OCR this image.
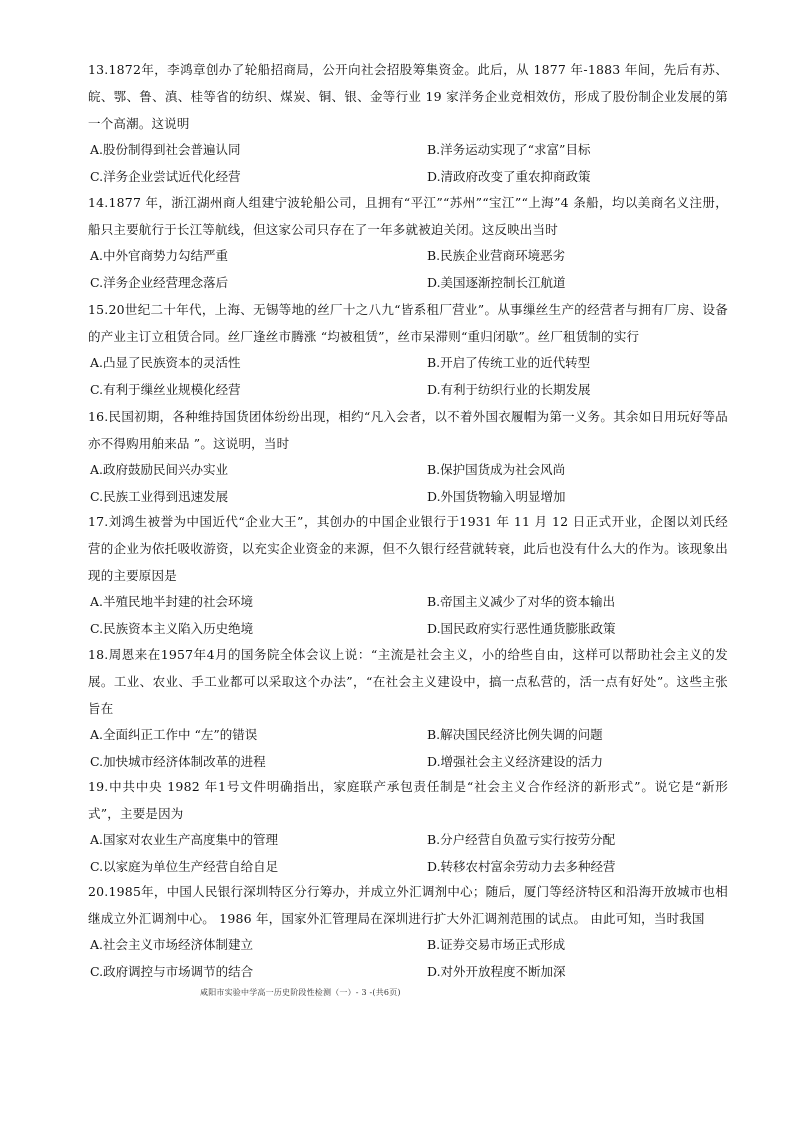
13.1872年，李鸿章创办了轮船招商局，公开向社会招股筹集资金。此后，从 1877 年-1883 年间，先后有苏、皖、鄂、鲁、滇、桂等省的纺织、煤炭、铜、银、金等行业 19 家洋务企业竞相效仿，形成了股份制企业发展的第一个高潮。这说明

A.股份制得到社会普遍认同	B.洋务运动实现了“求富”目标
C.洋务企业尝试近代化经营	D.清政府改变了重农抑商政策

14.1877 年，浙江湖州商人组建宁波轮船公司，且拥有“平江”“苏州”“宝江”“上海”4 条船，均以美商名义注册，船只主要航行于长江等航线，但这家公司只存在了一年多就被迫关闭。这反映出当时

A.中外官商势力勾结严重	B.民族企业营商环境恶劣
C.洋务企业经营理念落后	D.美国逐渐控制长江航道

15.20世纪二十年代，上海、无锡等地的丝厂十之八九“皆系租厂营业”。从事缫丝生产的经营者与拥有厂房、设备的产业主订立租赁合同。丝厂逢丝市腾涨 “均被租赁”，丝市呆滞则“重归闭歇”。丝厂租赁制的实行

A.凸显了民族资本的灵活性	B.开启了传统工业的近代转型
C.有利于缫丝业规模化经营	D.有利于纺织行业的长期发展

16.民国初期，各种维持国货团体纷纷出现，相约“凡入会者，以不着外国衣履帽为第一义务。其余如日用玩好等品亦不得购用舶来品 ”。这说明，当时

A.政府鼓励民间兴办实业	B.保护国货成为社会风尚
C.民族工业得到迅速发展	D.外国货物输入明显增加

17.刘鸿生被誉为中国近代“企业大王”，其创办的中国企业银行于1931 年 11 月 12 日正式开业，企图以刘氏经营的企业为依托吸收游资，以充实企业资金的来源，但不久银行经营就转衰，此后也没有什么大的作为。该现象出现的主要原因是

A.半殖民地半封建的社会环境	B.帝国主义减少了对华的资本输出
C.民族资本主义陷入历史绝境	D.国民政府实行恶性通货膨胀政策

18.周恩来在1957年4月的国务院全体会议上说：“主流是社会主义，小的给些自由，这样可以帮助社会主义的发展。工业、农业、手工业都可以采取这个办法”，“在社会主义建设中，搞一点私营的，活一点有好处”。这些主张旨在

A.全面纠正工作中 “左”的错误	B.解决国民经济比例失调的问题
C.加快城市经济体制改革的进程	D.增强社会主义经济建设的活力

19.中共中央 1982 年1号文件明确指出，家庭联产承包责任制是“社会主义合作经济的新形式”。说它是“新形式”，主要是因为

A.国家对农业生产高度集中的管理	B.分户经营自负盈亏实行按劳分配
C.以家庭为单位生产经营自给自足	D.转移农村富余劳动力去多种经营

20.1985年，中国人民银行深圳特区分行筹办，并成立外汇调剂中心；随后，厦门等经济特区和沿海开放城市也相继成立外汇调剂中心。 1986 年，国家外汇管理局在深圳进行扩大外汇调剂范围的试点。 由此可知，当时我国

A.社会主义市场经济体制建立	B.证券交易市场正式形成
C.政府调控与市场调节的结合	D.对外开放程度不断加深
咸阳市实验中学高一历史阶段性检测（一）- 3 -(共6页)
